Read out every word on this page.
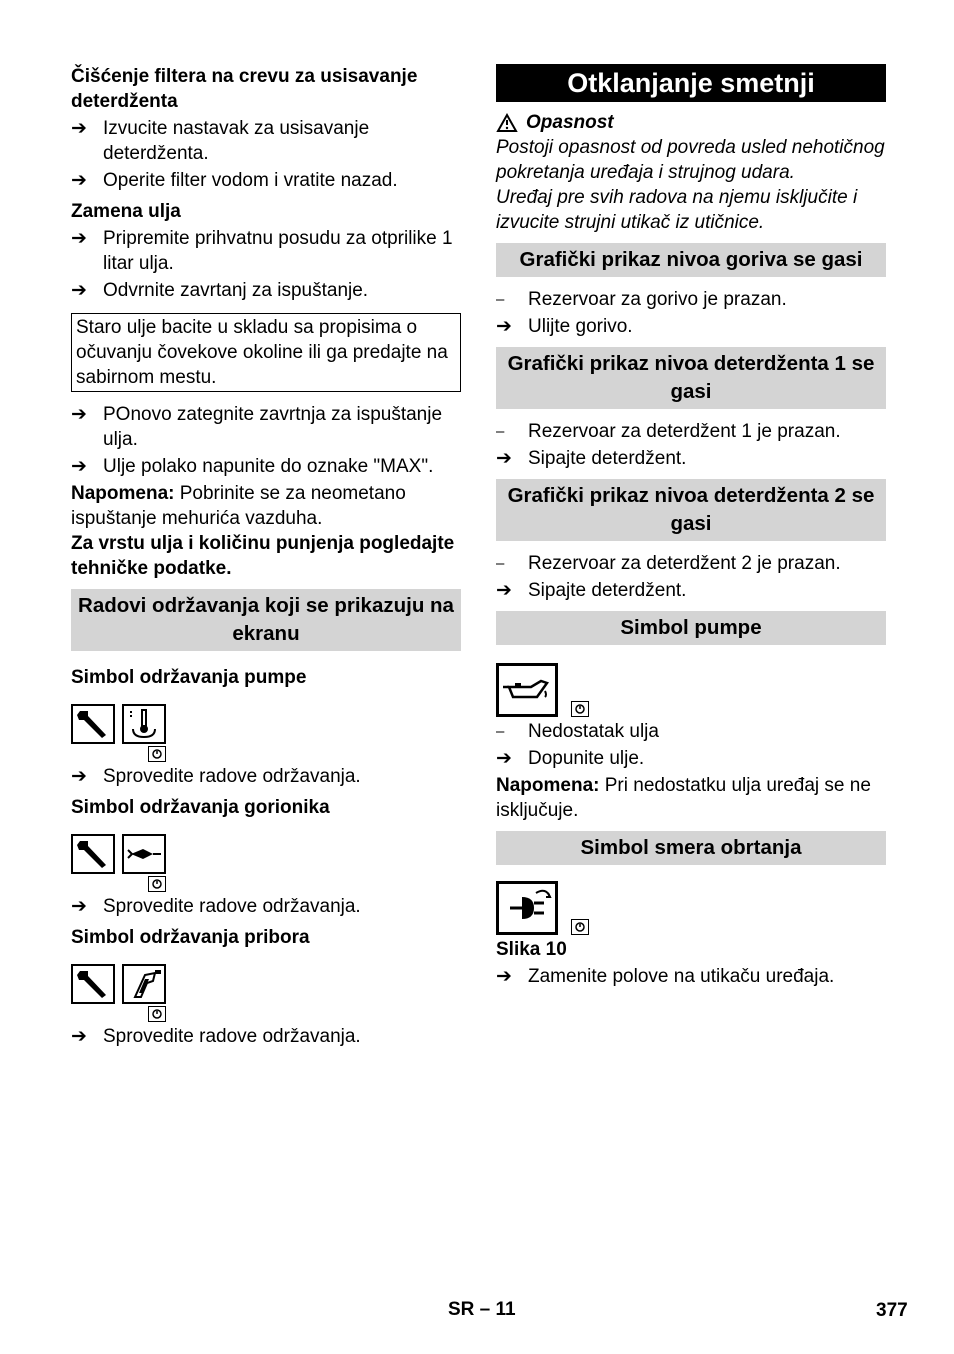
Čišćenje filtera na crevu za usisavanje deterdženta

➔ Izvucite nastavak za usisavanje deterdženta.
➔ Operite filter vodom i vratite nazad.

Zamena ulja

➔ Pripremite prihvatnu posudu za otprilike 1 litar ulja.
➔ Odvrnite zavrtanj za ispuštanje.
Staro ulje bacite u skladu sa propisima o očuvanju čovekove okoline ili ga predajte na sabirnom mestu.
➔ POnovo zategnite zavrtnja za ispuštanje ulja.
➔ Ulje polako napunite do oznake "MAX".
Napomena: Pobrinite se za neometano ispuštanje mehurića vazduha.
Za vrstu ulja i količinu punjenja pogledajte tehničke podatke.
Radovi održavanja koji se prikazuju na ekranu

Simbol održavanja pumpe

➔ Sprovedite radove održavanja.

Simbol održavanja gorionika

➔ Sprovedite radove održavanja.

Simbol održavanja pribora

➔ Sprovedite radove održavanja.
Otklanjanje smetnji
Opasnost
Postoji opasnost od povreda usled nehotičnog pokretanja uređaja i strujnog udara.
Uređaj pre svih radova na njemu isključite i izvucite strujni utikač iz utičnice.
Grafički prikaz nivoa goriva se gasi
–	Rezervoar za gorivo je prazan.
➔ Ulijte gorivo.
Grafički prikaz nivoa deterdženta 1 se gasi
–	Rezervoar za deterdžent 1 je prazan.
➔ Sipajte deterdžent.
Grafički prikaz nivoa deterdženta 2 se gasi
–	Rezervoar za deterdžent 2 je prazan.
➔ Sipajte deterdžent.
Simbol pumpe
–	Nedostatak ulja
➔ Dopunite ulje.
Napomena: Pri nedostatku ulja uređaj se ne isključuje.
Simbol smera obrtanja
Slika 10
➔ Zamenite polove na utikaču uređaja.
SR – 11	377
